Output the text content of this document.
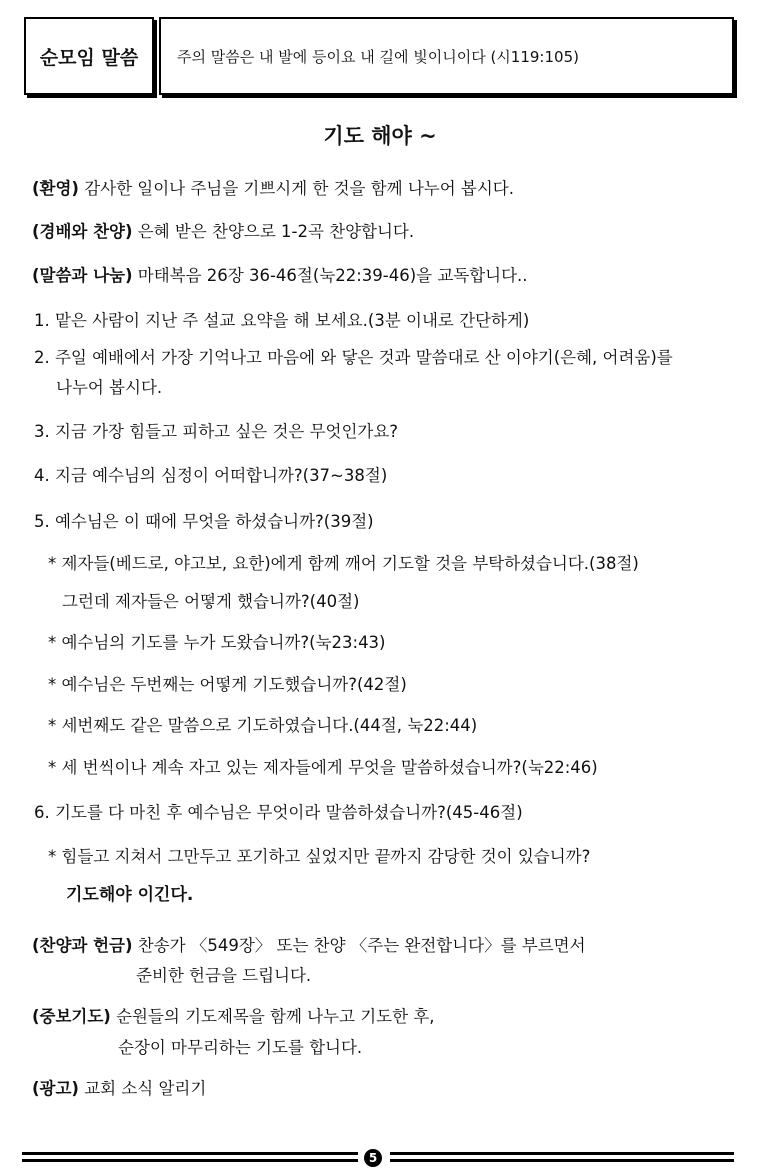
순모임 말씀	주의 말씀은 내 발에 등이요 내 길에 빛이니이다 (시119:105)
기도 해야 ~
(환영) 감사한 일이나 주님을 기쁘시게 한 것을 함께 나누어 봅시다.
(경배와 찬양) 은혜 받은 찬양으로 1-2곡 찬양합니다.
(말씀과 나눔) 마태복음 26장 36-46절(눅22:39-46)을 교독합니다..
1. 맡은 사람이 지난 주 설교 요약을 해 보세요.(3분 이내로 간단하게)
2. 주일 예배에서 가장 기억나고 마음에 와 닿은 것과 말씀대로 산 이야기(은혜, 어려움)를
나누어 봅시다.
3. 지금 가장 힘들고 피하고 싶은 것은 무엇인가요?
4. 지금 예수님의 심정이 어떠합니까?(37~38절)
5. 예수님은 이 때에 무엇을 하셨습니까?(39절)
* 제자들(베드로, 야고보, 요한)에게 함께 깨어 기도할 것을 부탁하셨습니다.(38절)
그런데 제자들은 어떻게 했습니까?(40절)
* 예수님의 기도를 누가 도왔습니까?(눅23:43)
* 예수님은 두번째는 어떻게 기도했습니까?(42절)
* 세번째도 같은 말씀으로 기도하였습니다.(44절, 눅22:44)
* 세 번씩이나 계속 자고 있는 제자들에게 무엇을 말씀하셨습니까?(눅22:46)
6. 기도를 다 마친 후 예수님은 무엇이라 말씀하셨습니까?(45-46절)
* 힘들고 지쳐서 그만두고 포기하고 싶었지만 끝까지 감당한 것이 있습니까?
기도해야 이긴다.
(찬양과 헌금) 찬송가 〈549장〉 또는 찬양 〈주는 완전합니다〉를 부르면서
준비한 헌금을 드립니다.
(중보기도) 순원들의 기도제목을 함께 나누고 기도한 후,
순장이 마무리하는 기도를 합니다.
(광고) 교회 소식 알리기
5
